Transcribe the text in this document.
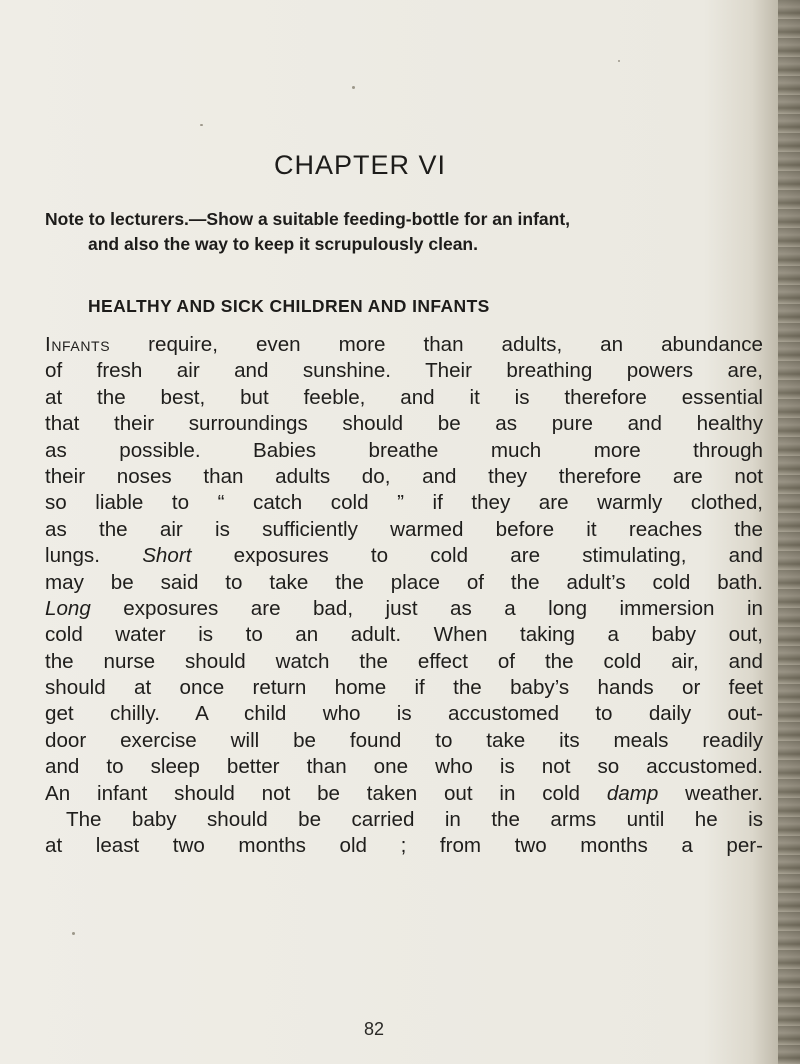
CHAPTER VI
Note to lecturers.—Show a suitable feeding-bottle for an infant,
and also the way to keep it scrupulously clean.
HEALTHY AND SICK CHILDREN AND INFANTS
Infants require, even more than adults, an abundance
of fresh air and sunshine. Their breathing powers are,
at the best, but feeble, and it is therefore essential
that their surroundings should be as pure and healthy
as possible. Babies breathe much more through
their noses than adults do, and they therefore are not
so liable to “ catch cold ” if they are warmly clothed,
as the air is sufficiently warmed before it reaches the
lungs. Short exposures to cold are stimulating, and
may be said to take the place of the adult’s cold bath.
Long exposures are bad, just as a long immersion in
cold water is to an adult. When taking a baby out,
the nurse should watch the effect of the cold air, and
should at once return home if the baby’s hands or feet
get chilly. A child who is accustomed to daily out-
door exercise will be found to take its meals readily
and to sleep better than one who is not so accustomed.
An infant should not be taken out in cold damp weather.
The baby should be carried in the arms until he is
at least two months old ; from two months a per-
82
